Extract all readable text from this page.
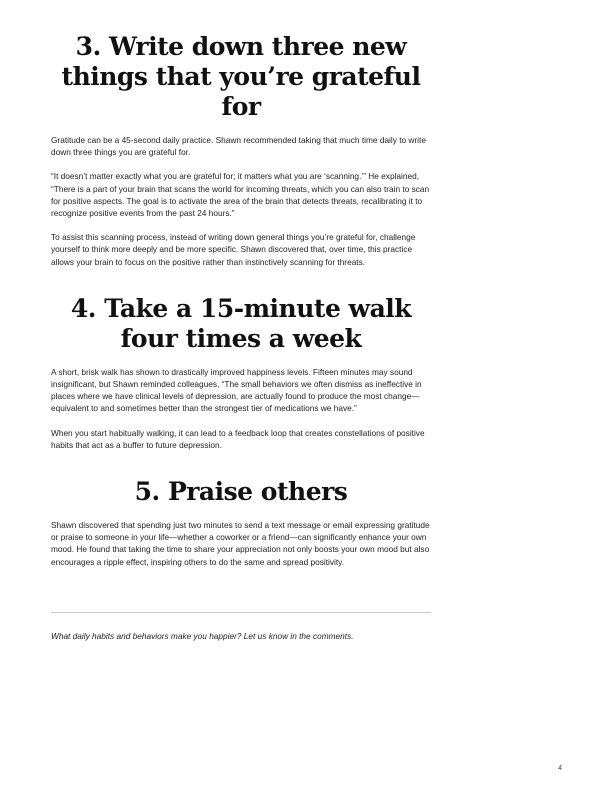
3. Write down three new
things that you’re grateful for

Gratitude can be a 45-second daily practice. Shawn recommended taking that much time daily to write down three things you are grateful for.

“It doesn’t matter exactly what you are grateful for; it matters what you are ‘scanning.’” He explained, “There is a part of your brain that scans the world for incoming threats, which you can also train to scan for positive aspects. The goal is to activate the area of the brain that detects threats, recalibrating it to recognize positive events from the past 24 hours.”

To assist this scanning process, instead of writing down general things you’re grateful for, challenge yourself to think more deeply and be more specific. Shawn discovered that, over time, this practice allows your brain to focus on the positive rather than instinctively scanning for threats.

4. Take a 15-minute walk
four times a week

A short, brisk walk has shown to drastically improved happiness levels. Fifteen minutes may sound insignificant, but Shawn reminded colleagues, “The small behaviors we often dismiss as ineffective in places where we have clinical levels of depression, are actually found to produce the most change—equivalent to and sometimes better than the strongest tier of medications we have.”

When you start habitually walking, it can lead to a feedback loop that creates constellations of positive habits that act as a buffer to future depression.

5. Praise others

Shawn discovered that spending just two minutes to send a text message or email expressing gratitude or praise to someone in your life—whether a coworker or a friend—can significantly enhance your own mood. He found that taking the time to share your appreciation not only boosts your own mood but also encourages a ripple effect, inspiring others to do the same and spread positivity.

What daily habits and behaviors make you happier? Let us know in the comments.

4
